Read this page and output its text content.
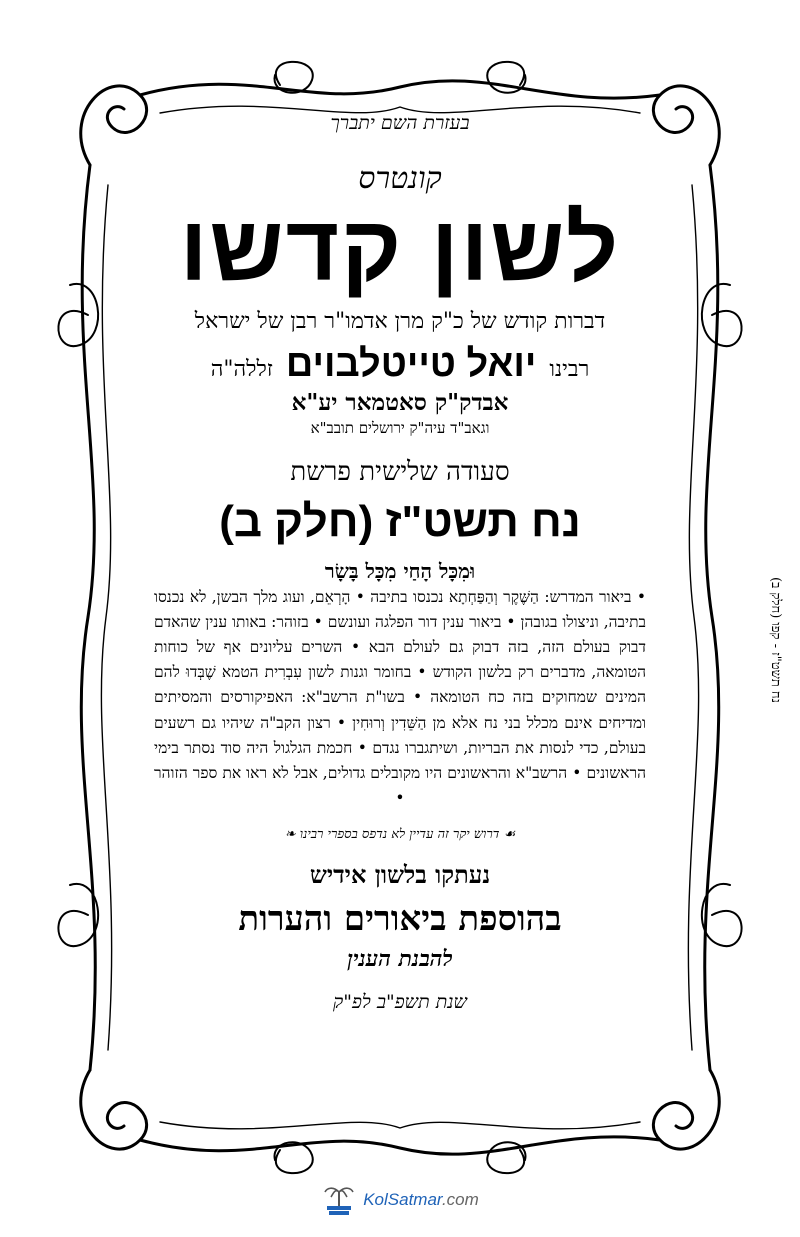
בעזרת השם יתברך

קונטרס

לשון קדשו

דברות קודש של כ"ק מרן אדמו"ר רבן של ישראל

רבינו יואל טייטלבוים זללה"ה

אבדק"ק סאטמאר יע"א

וגאב"ד עיה"ק ירושלים תובב"א

סעודה שלישית פרשת

נח תשט"ז (חלק ב)

וּמִכָּל הָחַי מִכָּל בָּשָׂר

• ביאור המדרש: הַשֶּׁקֶר וְהַפַּחְתָא נכנסו בתיבה • הָרְאֵם, ועוג מלך הבשן, לא נכנסו בתיבה, וניצולו בגובהן • ביאור ענין דור הפלגה ועונשם • בזוהר: באותו ענין שהאדם דבוק בעולם הזה, בזה דבוק גם לעולם הבא • השרים עליונים אף של כוחות הטומאה, מדברים רק בלשון הקודש • בחומר וגנות לשון עִבְרִית הטמא שֶׁבְּדוּ להם המינים שמחוקים בזה כח הטומאה • בשו"ת הרשב"א: האפיקורסים והמסיתים ומדיחים אינם מכלל בני נח אלא מן הַשֵּׁדִין וְרוּחִין • רצון הקב"ה שיהיו גם רשעים בעולם, כדי לנסות את הבריות, ושיתגברו נגדם • חכמת הגלגול היה סוד נסתר בימי הראשונים • הרשב"א והראשונים היו מקובלים גדולים, אבל לא ראו את ספר הזוהר •

☙ דרוש יקר זה עדיין לא נדפס בספרי רבינו ❧

נעתקו בלשון אידיש

בהוספת ביאורים והערות

להבנת הענין

שנת תשפ"ב לפ"ק

נח תשט"ז - קפו (חלק ב)
KolSatmar.com
